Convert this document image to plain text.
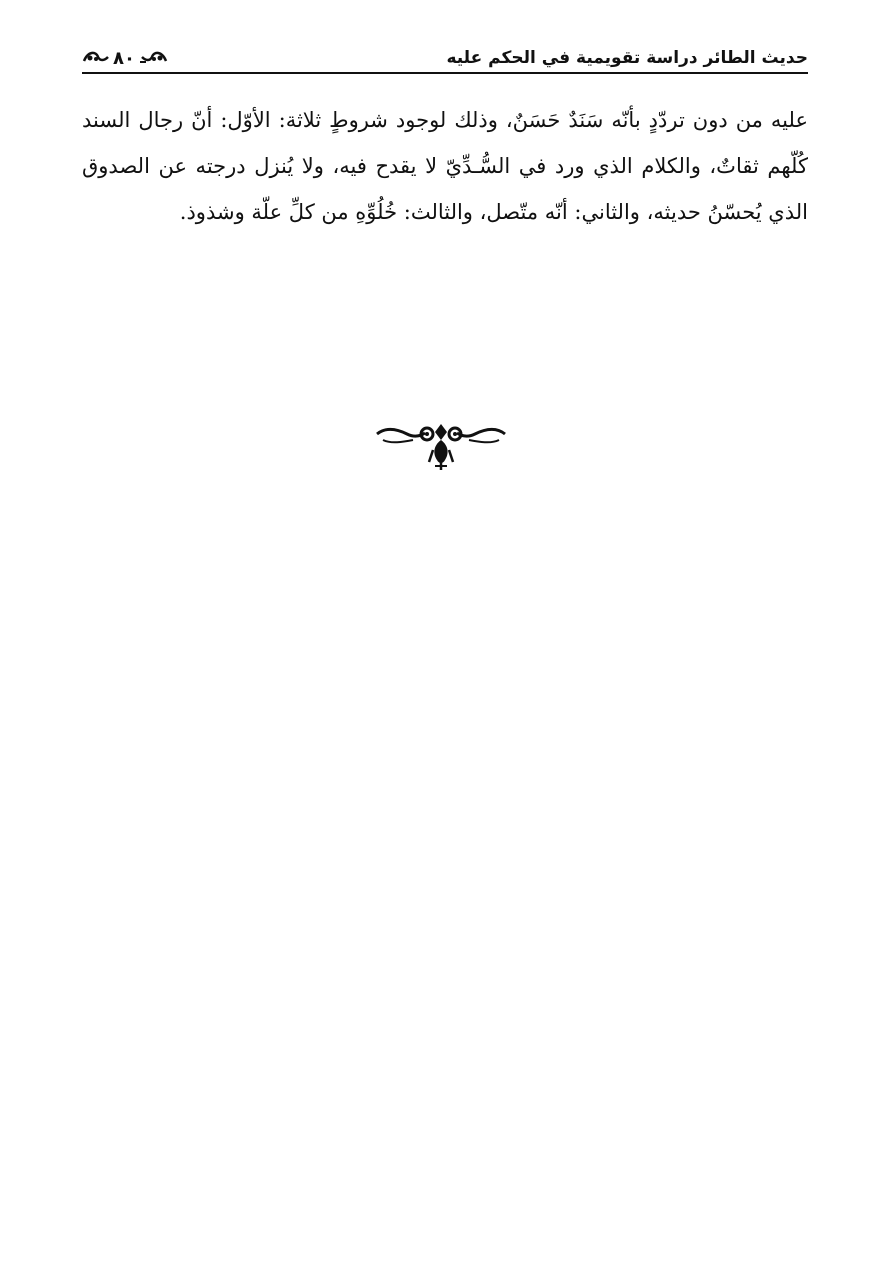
حديث الطائر دراسة تقويمية في الحكم عليه
٨٠

عليه من دون تردّدٍ بأنّه سَنَدٌ حَسَنٌ، وذلك لوجود شروطٍ ثلاثة: الأوّل: أنّ رجال السند كُلّهم ثقاتٌ، والكلام الذي ورد في السُّـدِّيّ لا يقدح فيه، ولا يُنزل درجته عن الصدوق الذي يُحسّنُ حديثه، والثاني: أنّه متّصل، والثالث: خُلُوِّهِ من كلِّ علّة وشذوذ.
